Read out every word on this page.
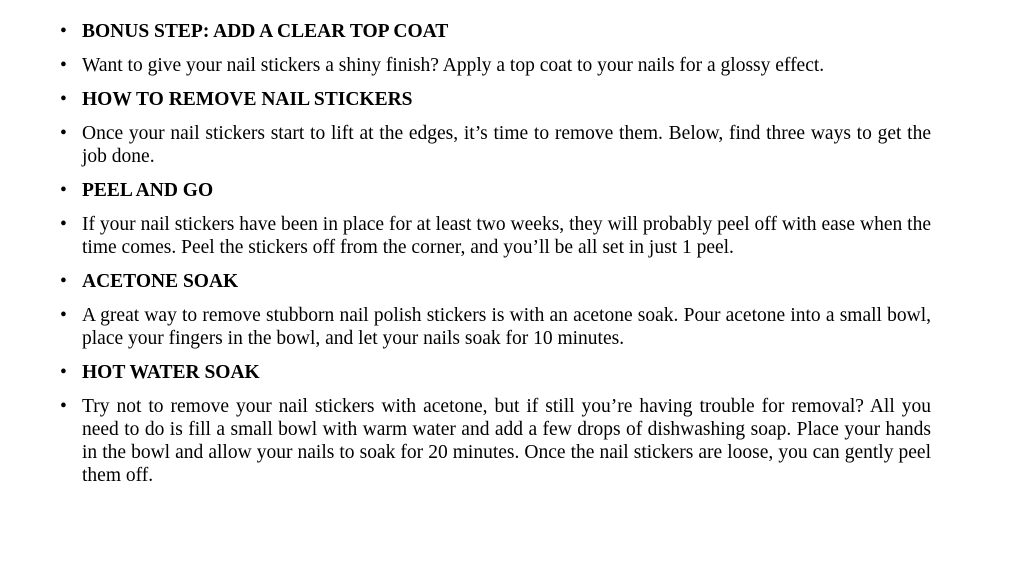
• BONUS STEP: ADD A CLEAR TOP COAT
• Want to give your nail stickers a shiny finish? Apply a top coat to your nails for a glossy effect.
• HOW TO REMOVE NAIL STICKERS
• Once your nail stickers start to lift at the edges, it’s time to remove them. Below, find three ways to get the job done.
• PEEL AND GO
• If your nail stickers have been in place for at least two weeks, they will probably peel off with ease when the time comes. Peel the stickers off from the corner, and you’ll be all set in just 1 peel.
• ACETONE SOAK
• A great way to remove stubborn nail polish stickers is with an acetone soak. Pour acetone into a small bowl, place your fingers in the bowl, and let your nails soak for 10 minutes.
• HOT WATER SOAK
• Try not to remove your nail stickers with acetone, but if still you’re having trouble for removal? All you need to do is fill a small bowl with warm water and add a few drops of dishwashing soap. Place your hands in the bowl and allow your nails to soak for 20 minutes. Once the nail stickers are loose, you can gently peel them off.
